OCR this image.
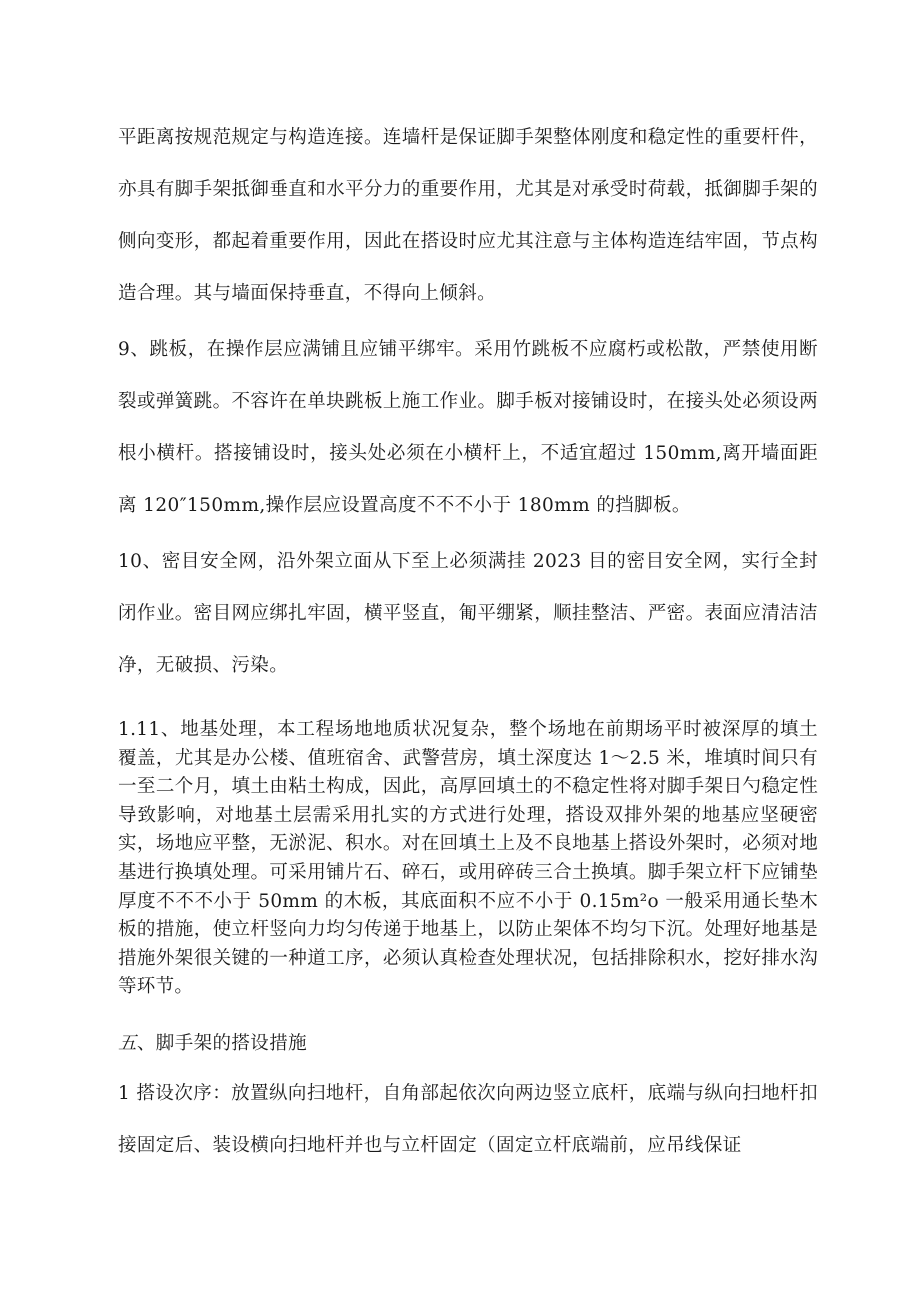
平距离按规范规定与构造连接。连墙杆是保证脚手架整体刚度和稳定性的重要杆件，亦具有脚手架抵御垂直和水平分力的重要作用，尤其是对承受时荷载，抵御脚手架的侧向变形，都起着重要作用，因此在搭设时应尤其注意与主体构造连结牢固，节点构造合理。其与墙面保持垂直，不得向上倾斜。

9、跳板，在操作层应满铺且应铺平绑牢。采用竹跳板不应腐朽或松散，严禁使用断裂或弹簧跳。不容许在单块跳板上施工作业。脚手板对接铺设时，在接头处必须设两根小横杆。搭接铺设时，接头处必须在小横杆上，不适宜超过 150mm,离开墙面距离 120″150mm,操作层应设置高度不不不小于 180mm 的挡脚板。

10、密目安全网，沿外架立面从下至上必须满挂 2023 目的密目安全网，实行全封闭作业。密目网应绑扎牢固，横平竖直，匍平绷紧，顺挂整洁、严密。表面应清洁洁净，无破损、污染。

1.11、地基处理，本工程场地地质状况复杂，整个场地在前期场平时被深厚的填土覆盖，尤其是办公楼、值班宿舍、武警营房，填土深度达 1～2.5 米，堆填时间只有一至二个月，填土由粘土构成，因此，高厚回填土的不稳定性将对脚手架日勺稳定性导致影响，对地基土层需采用扎实的方式进行处理，搭设双排外架的地基应坚硬密实，场地应平整，无淤泥、积水。对在回填土上及不良地基上搭设外架时，必须对地基进行换填处理。可采用铺片石、碎石，或用碎砖三合土换填。脚手架立杆下应铺垫厚度不不不小于 50mm 的木板，其底面积不应不小于 0.15m²o 一般采用通长垫木板的措施，使立杆竖向力均匀传递于地基上，以防止架体不均匀下沉。处理好地基是措施外架很关键的一种道工序，必须认真检查处理状况，包括排除积水，挖好排水沟等环节。

五、脚手架的搭设措施

1 搭设次序：放置纵向扫地杆，自角部起依次向两边竖立底杆，底端与纵向扫地杆扣接固定后、装设横向扫地杆并也与立杆固定（固定立杆底端前，应吊线保证
